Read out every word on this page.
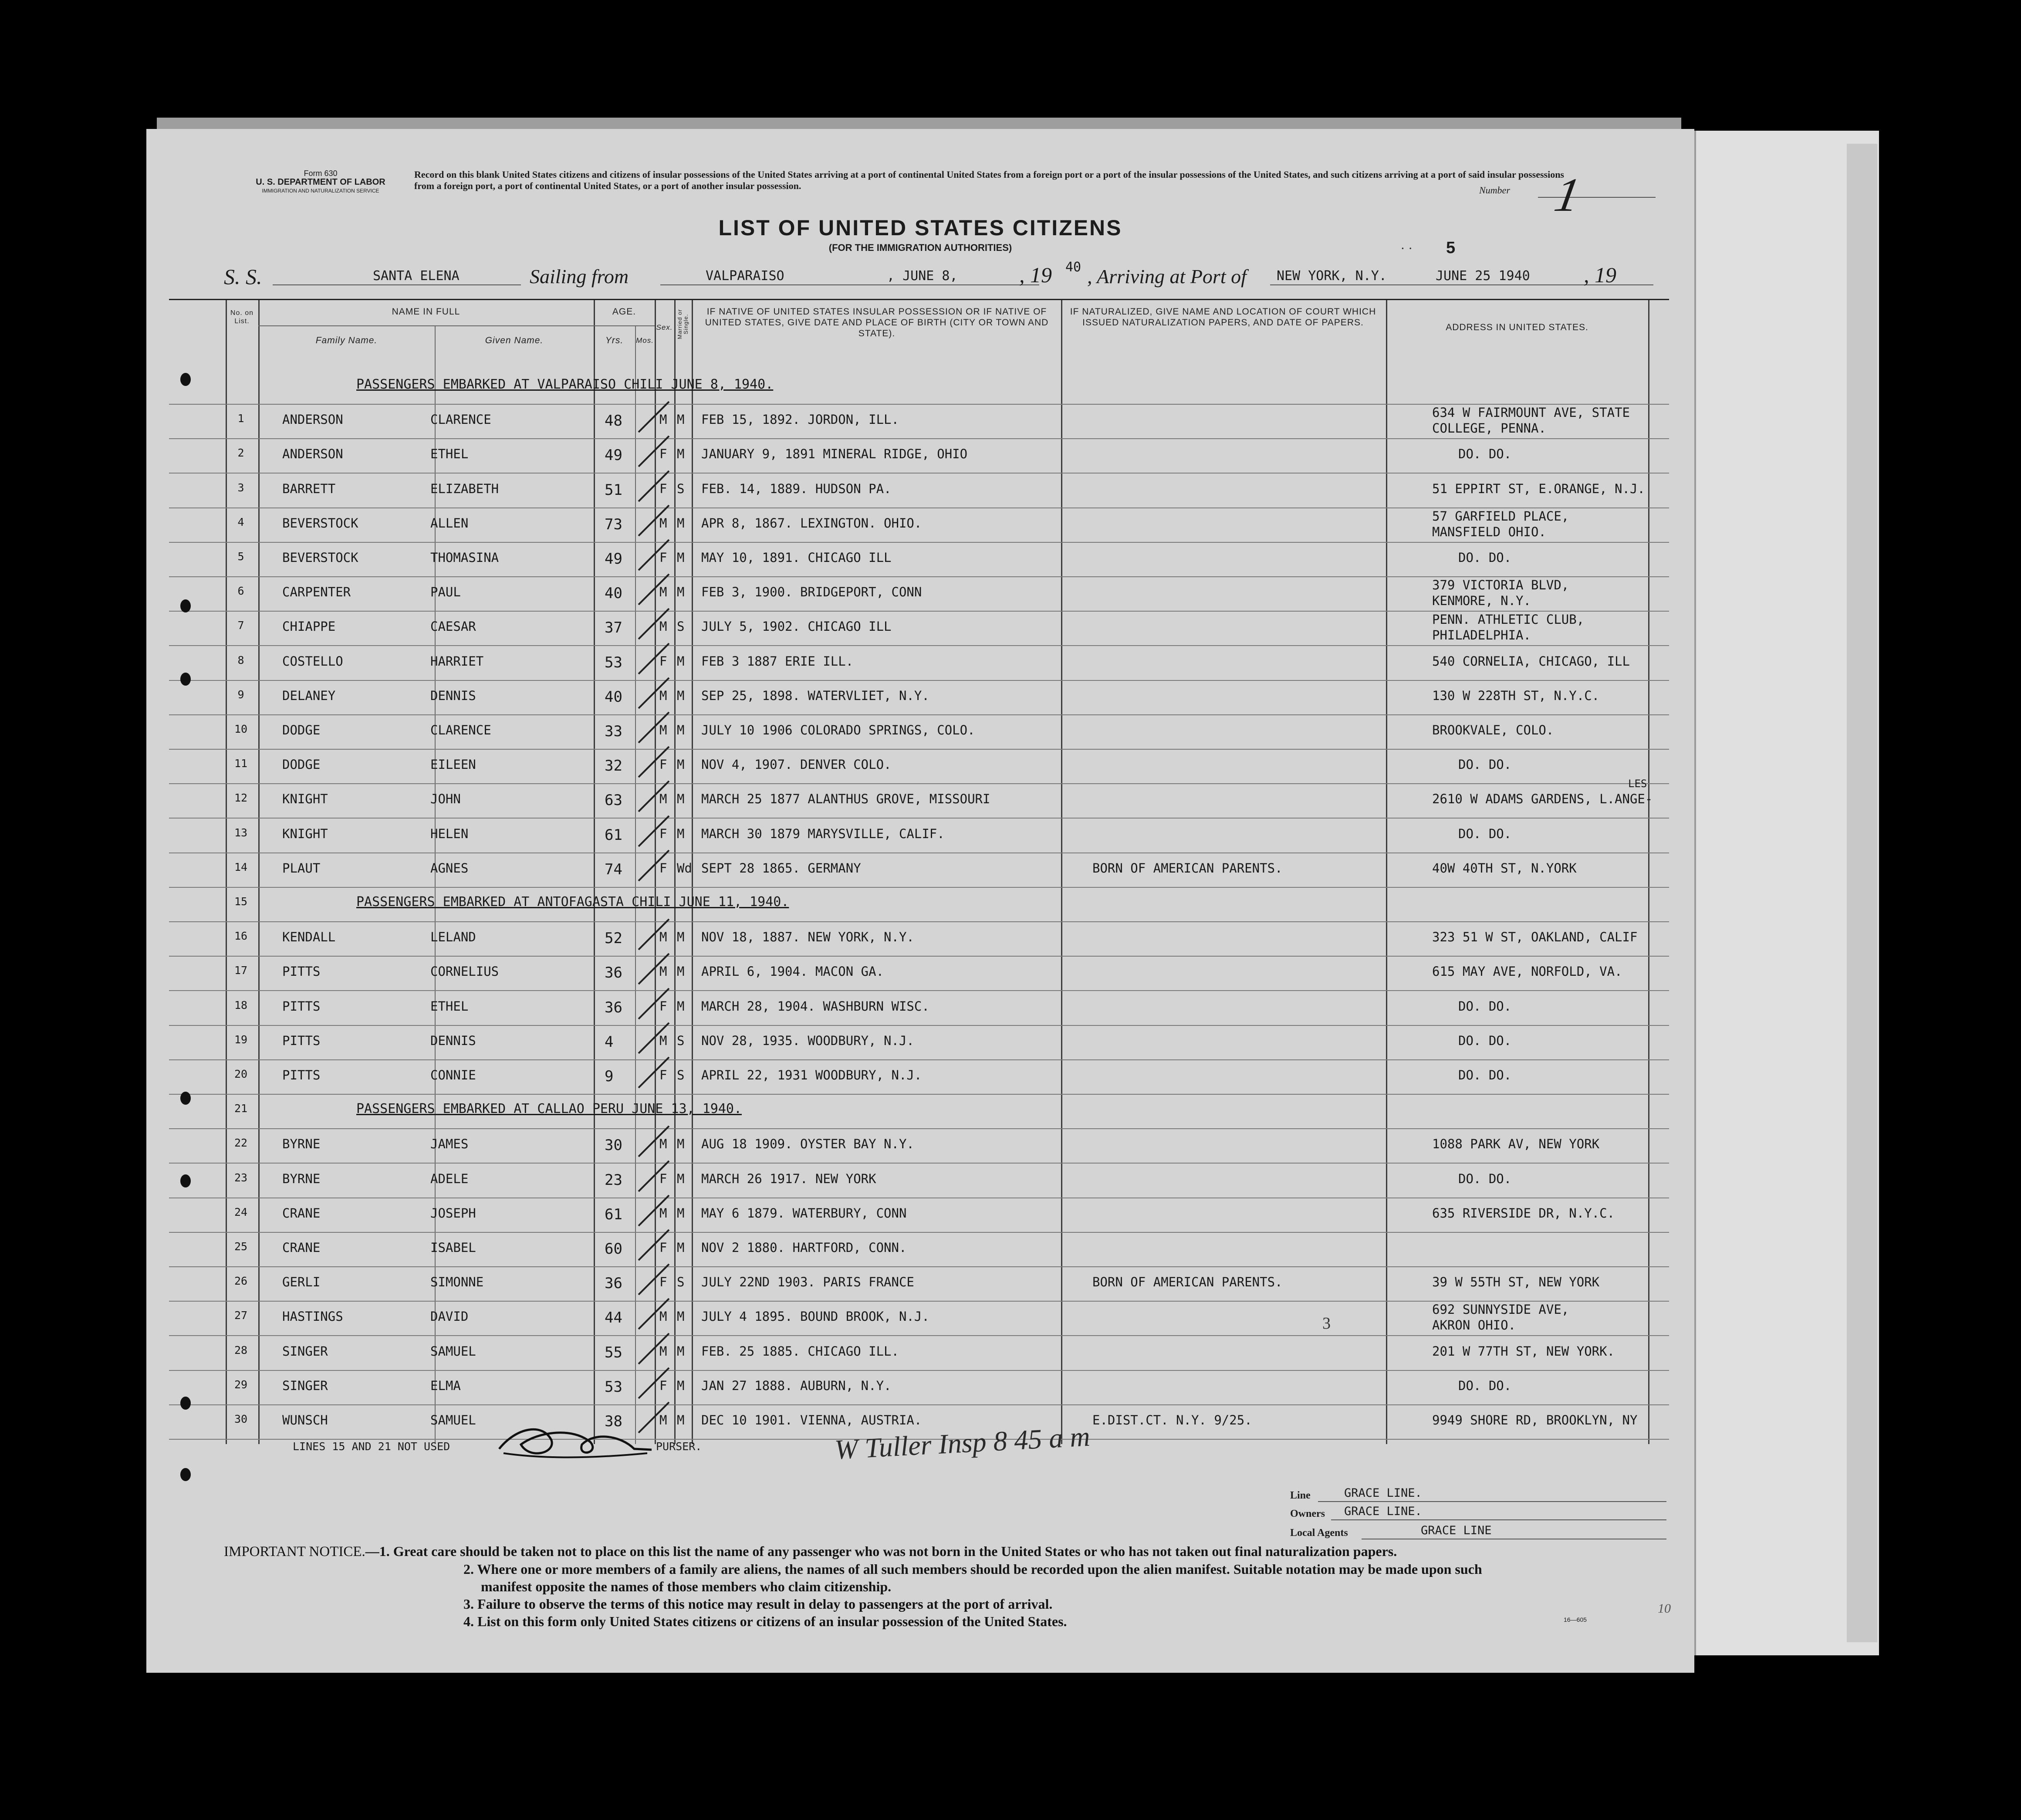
Form 630
U. S. DEPARTMENT OF LABOR
IMMIGRATION AND NATURALIZATION SERVICE
Record on this blank United States citizens and citizens of insular possessions of the United States arriving at a port of continental United States from a foreign port or a port of the insular possessions of the United States, and such citizens arriving at a port of said insular possessions from a foreign port, a port of continental United States, or a port of another insular possession.	Number 1
LIST OF UNITED STATES CITIZENS
(FOR THE IMMIGRATION AUTHORITIES)	5
· ·
S. S.	SANTA ELENA	Sailing from	VALPARAISO	, JUNE 8,	, 19 40 , Arriving at Port of NEW YORK, N.Y.	JUNE 25 1940 , 19
No. on List.
NAME IN FULL
Family Name.	Given Name.
AGE.
Yrs.	Mos.
Sex. Married or Single.
IF NATIVE OF UNITED STATES INSULAR POSSESSION OR IF NATIVE OF UNITED STATES, GIVE DATE AND PLACE OF BIRTH (CITY OR TOWN AND STATE).
IF NATURALIZED, GIVE NAME AND LOCATION OF COURT WHICH ISSUED NATURALIZATION PAPERS, AND DATE OF PAPERS.	ADDRESS IN UNITED STATES.
PASSENGERS EMBARKED AT VALPARAISO CHILI JUNE 8, 1940.
1	ANDERSON	CLARENCE	48	M M FEB 15, 1892. JORDON, ILL.	634 W FAIRMOUNT AVE, STATE
COLLEGE, PENNA.
2	ANDERSON	ETHEL	49	F M JANUARY 9, 1891 MINERAL RIDGE, OHIO	DO. DO.
3	BARRETT	ELIZABETH	51	F S FEB. 14, 1889. HUDSON PA.	51 EPPIRT ST, E.ORANGE, N.J.
4	BEVERSTOCK	ALLEN	73	M M APR 8, 1867. LEXINGTON. OHIO.	57 GARFIELD PLACE,
MANSFIELD OHIO.
5	BEVERSTOCK	THOMASINA	49	F M MAY 10, 1891. CHICAGO ILL	DO. DO.
6	CARPENTER	PAUL	40	M M FEB 3, 1900. BRIDGEPORT, CONN	379 VICTORIA BLVD,
KENMORE, N.Y.
7	CHIAPPE	CAESAR	37	M S JULY 5, 1902. CHICAGO ILL	PENN. ATHLETIC CLUB,
PHILADELPHIA.
8	COSTELLO	HARRIET	53	F M FEB 3 1887 ERIE ILL.	540 CORNELIA, CHICAGO, ILL
9	DELANEY	DENNIS	40	M M SEP 25, 1898. WATERVLIET, N.Y.	130 W 228TH ST, N.Y.C.
10	DODGE	CLARENCE	33	M M JULY 10 1906 COLORADO SPRINGS, COLO.	BROOKVALE, COLO.
11	DODGE	EILEEN	32	F M NOV 4, 1907. DENVER COLO.	DO. DO.
12	KNIGHT	JOHN	63	M M MARCH 25 1877 ALANTHUS GROVE, MISSOURI	2610 W ADAMS GARDENS, L.ANGE-
LES
13	KNIGHT	HELEN	61	F M MARCH 30 1879 MARYSVILLE, CALIF.	DO. DO.
14	PLAUT	AGNES	74	F Wd SEPT 28 1865. GERMANY	BORN OF AMERICAN PARENTS.	40W 40TH ST, N.YORK
15	PASSENGERS EMBARKED AT ANTOFAGASTA CHILI JUNE 11, 1940.
16	KENDALL	LELAND	52	M M NOV 18, 1887. NEW YORK, N.Y.	323 51 W ST, OAKLAND, CALIF
17	PITTS	CORNELIUS	36	M M APRIL 6, 1904. MACON GA.	615 MAY AVE, NORFOLD, VA.
18	PITTS	ETHEL	36	F M MARCH 28, 1904. WASHBURN WISC.	DO. DO.
19	PITTS	DENNIS	4	M S NOV 28, 1935. WOODBURY, N.J.	DO. DO.
20	PITTS	CONNIE	9	F S APRIL 22, 1931 WOODBURY, N.J.	DO. DO.
21	PASSENGERS EMBARKED AT CALLAO PERU JUNE 13, 1940.
22	BYRNE	JAMES	30	M M AUG 18 1909. OYSTER BAY N.Y.	1088 PARK AV, NEW YORK
23	BYRNE	ADELE	23	F M MARCH 26 1917. NEW YORK	DO. DO.
24	CRANE	JOSEPH	61	M M MAY 6 1879. WATERBURY, CONN	635 RIVERSIDE DR, N.Y.C.
25	CRANE	ISABEL	60	F M NOV 2 1880. HARTFORD, CONN.
26	GERLI	SIMONNE	36	F S JULY 22ND 1903. PARIS FRANCE	BORN OF AMERICAN PARENTS.	39 W 55TH ST, NEW YORK
27	HASTINGS	DAVID	44	M M JULY 4 1895. BOUND BROOK, N.J.	692 SUNNYSIDE AVE,
AKRON OHIO.
28	SINGER	SAMUEL	55	M M FEB. 25 1885. CHICAGO ILL.	201 W 77TH ST, NEW YORK.
29	SINGER	ELMA	53	F M JAN 27 1888. AUBURN, N.Y.	DO. DO.
30	WUNSCH	SAMUEL	38	M M DEC 10 1901. VIENNA, AUSTRIA.	E.DIST.CT. N.Y. 9/25.	9949 SHORE RD, BROOKLYN, NY
LINES 15 AND 21 NOT USED	PURSER.	W Tuller Insp 8 45 a m
3
Line	GRACE LINE.
Owners GRACE LINE.
Local Agents	GRACE LINE
IMPORTANT NOTICE.—1. Great care should be taken not to place on this list the name of any passenger who was not born in the United States or who has not taken out final naturalization papers.
2. Where one or more members of a family are aliens, the names of all such members should be recorded upon the alien manifest. Suitable notation may be made upon such
manifest opposite the names of those members who claim citizenship.
3. Failure to observe the terms of this notice may result in delay to passengers at the port of arrival.
4. List on this form only United States citizens or citizens of an insular possession of the United States.	16—605
10
